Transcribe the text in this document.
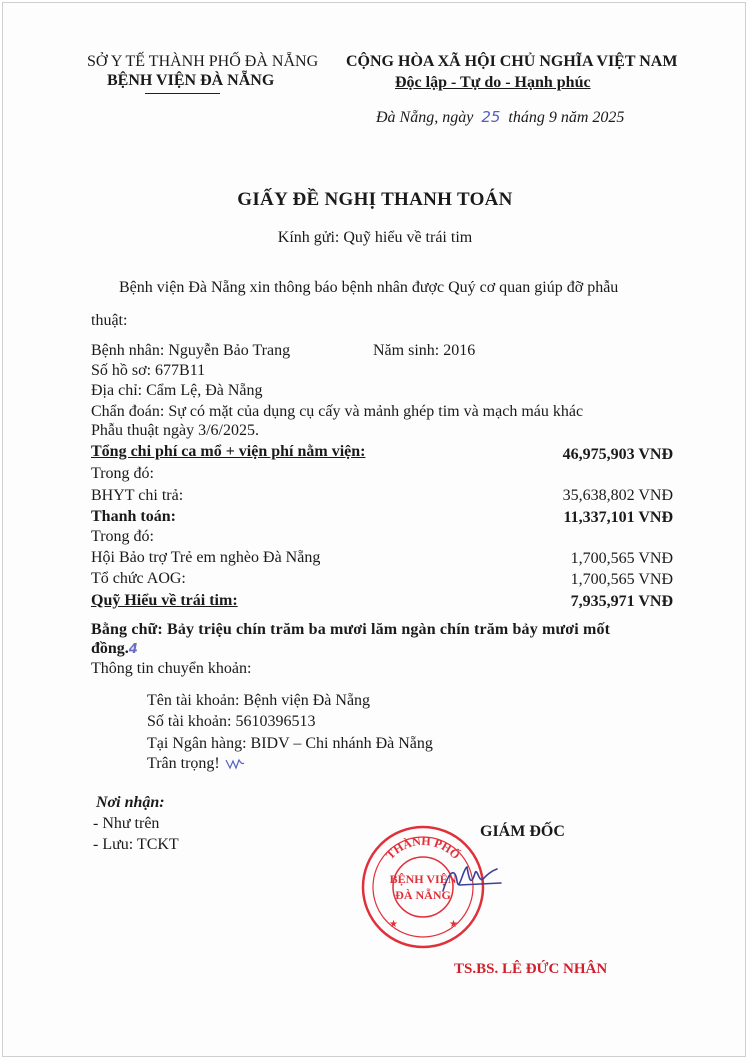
SỞ Y TẾ THÀNH PHỐ ĐÀ NẴNG
BỆNH VIỆN ĐÀ NẴNG
CỘNG HÒA XÃ HỘI CHỦ NGHĨA VIỆT NAM
Độc lập - Tự do - Hạnh phúc
Đà Nẵng, ngày 25 tháng 9 năm 2025
GIẤY ĐỀ NGHỊ THANH TOÁN
Kính gửi: Quỹ hiểu về trái tim
Bệnh viện Đà Nẵng xin thông báo bệnh nhân được Quý cơ quan giúp đỡ phẫu
thuật:
Bệnh nhân: Nguyễn Bảo Trang	Năm sinh: 2016
Số hồ sơ: 677B11
Địa chỉ: Cẩm Lệ, Đà Nẵng
Chẩn đoán: Sự có mặt của dụng cụ cấy và mảnh ghép tim và mạch máu khác
Phẫu thuật ngày 3/6/2025.
Tổng chi phí ca mổ + viện phí nằm viện:	46,975,903 VNĐ
Trong đó:
BHYT chi trả:	35,638,802 VNĐ
Thanh toán:	11,337,101 VNĐ
Trong đó:
Hội Bảo trợ Trẻ em nghèo Đà Nẵng	1,700,565 VNĐ
Tổ chức AOG:	1,700,565 VNĐ
Quỹ Hiểu về trái tim:	7,935,971 VNĐ
Bằng chữ: Bảy triệu chín trăm ba mươi lăm ngàn chín trăm bảy mươi mốt
đồng.4
Thông tin chuyển khoản:
Tên tài khoản: Bệnh viện Đà Nẵng
Số tài khoản: 5610396513
Tại Ngân hàng: BIDV – Chi nhánh Đà Nẵng
Trân trọng!
Nơi nhận:
- Như trên
- Lưu: TCKT
GIÁM ĐỐC
THÀNH PHỐ
BỆNH VIỆN
ĐÀ NẴNG
★	★
TS.BS. LÊ ĐỨC NHÂN
